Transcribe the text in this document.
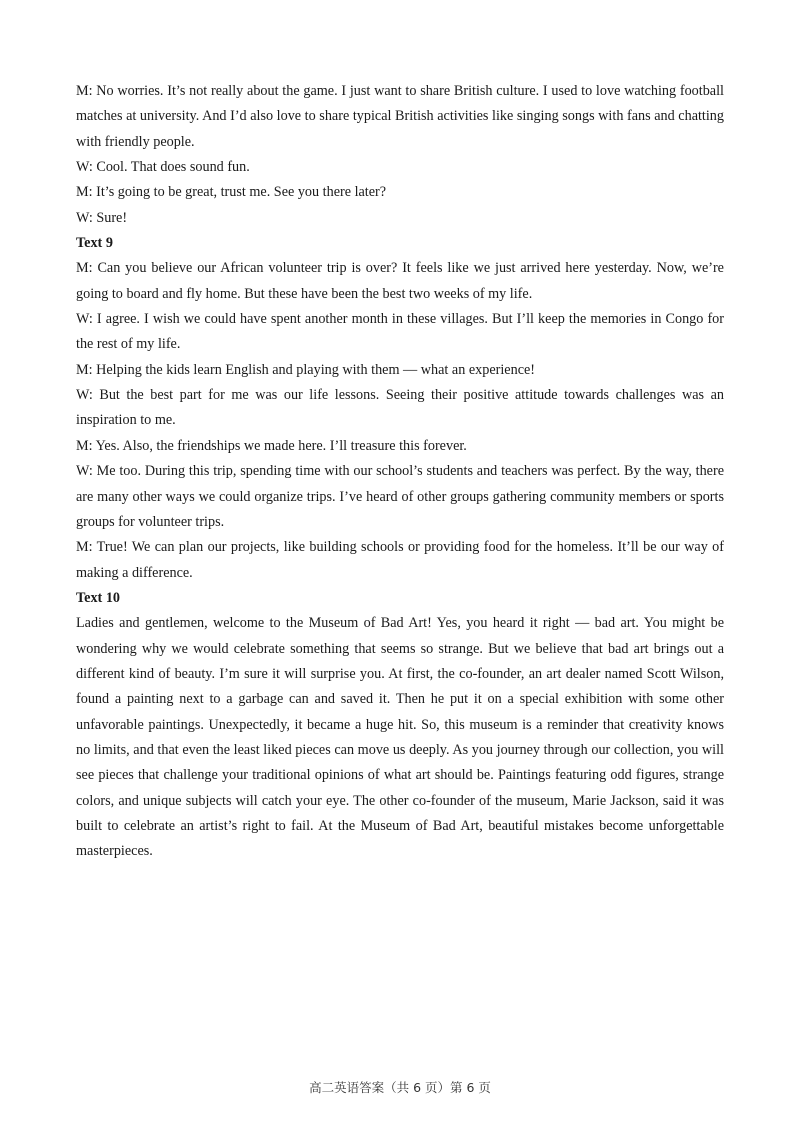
M: No worries. It’s not really about the game. I just want to share British culture. I used to love watching football matches at university. And I’d also love to share typical British activities like singing songs with fans and chatting with friendly people.

W: Cool. That does sound fun.

M: It’s going to be great, trust me. See you there later?

W: Sure!

Text 9

M: Can you believe our African volunteer trip is over? It feels like we just arrived here yesterday. Now, we’re going to board and fly home. But these have been the best two weeks of my life.

W: I agree. I wish we could have spent another month in these villages. But I’ll keep the memories in Congo for the rest of my life.

M: Helping the kids learn English and playing with them — what an experience!

W: But the best part for me was our life lessons. Seeing their positive attitude towards challenges was an inspiration to me.

M: Yes. Also, the friendships we made here. I’ll treasure this forever.

W: Me too. During this trip, spending time with our school’s students and teachers was perfect. By the way, there are many other ways we could organize trips. I’ve heard of other groups gathering community members or sports groups for volunteer trips.

M: True! We can plan our projects, like building schools or providing food for the homeless. It’ll be our way of making a difference.

Text 10

Ladies and gentlemen, welcome to the Museum of Bad Art! Yes, you heard it right — bad art. You might be wondering why we would celebrate something that seems so strange. But we believe that bad art brings out a different kind of beauty. I’m sure it will surprise you. At first, the co-founder, an art dealer named Scott Wilson, found a painting next to a garbage can and saved it. Then he put it on a special exhibition with some other unfavorable paintings. Unexpectedly, it became a huge hit. So, this museum is a reminder that creativity knows no limits, and that even the least liked pieces can move us deeply. As you journey through our collection, you will see pieces that challenge your traditional opinions of what art should be. Paintings featuring odd figures, strange colors, and unique subjects will catch your eye. The other co-founder of the museum, Marie Jackson, said it was built to celebrate an artist’s right to fail. At the Museum of Bad Art, beautiful mistakes become unforgettable masterpieces.

高二英语答案（共 6 页）第 6 页
